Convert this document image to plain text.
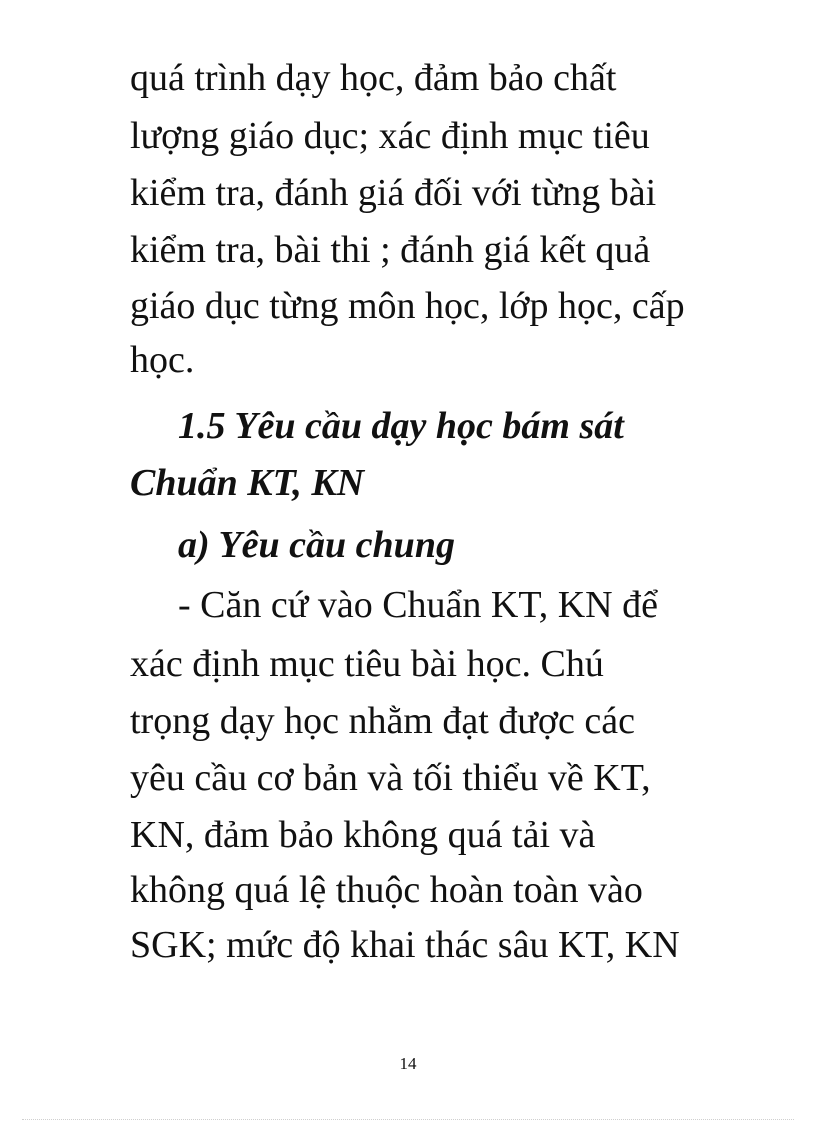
quá trình dạy học, đảm bảo chất

lượng giáo dục; xác định mục tiêu

kiểm tra, đánh giá đối với từng bài

kiểm tra, bài thi ; đánh giá kết quả

giáo dục từng môn học, lớp học, cấp

học.

1.5 Yêu cầu dạy học bám sát

Chuẩn KT, KN

a) Yêu cầu chung

- Căn cứ vào Chuẩn KT, KN để

xác định mục tiêu bài học. Chú

trọng dạy học nhằm đạt được các

yêu cầu cơ bản và tối thiểu về KT,

KN, đảm bảo không quá tải và

không quá lệ thuộc hoàn toàn vào

SGK; mức độ khai thác sâu KT, KN

14
